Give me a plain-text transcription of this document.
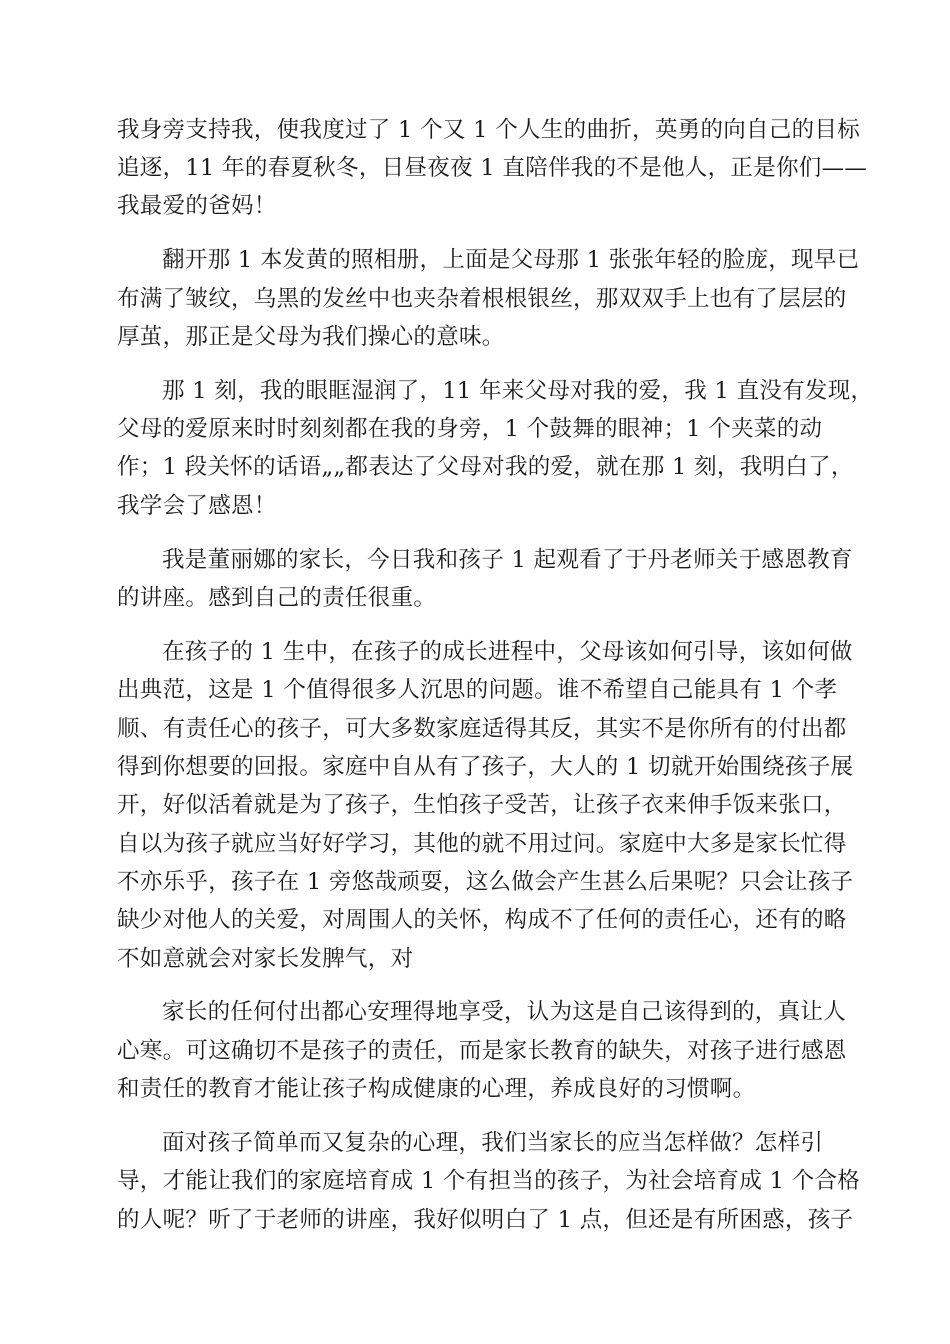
我身旁支持我，使我度过了 1 个又 1 个人生的曲折，英勇的向自己的目标
追逐，11 年的春夏秋冬，日昼夜夜 1 直陪伴我的不是他人，正是你们——
我最爱的爸妈！
翻开那 1 本发黄的照相册，上面是父母那 1 张张年轻的脸庞，现早已
布满了皱纹，乌黑的发丝中也夹杂着根根银丝，那双双手上也有了层层的
厚茧，那正是父母为我们操心的意味。
那 1 刻，我的眼眶湿润了，11 年来父母对我的爱，我 1 直没有发现，
父母的爱原来时时刻刻都在我的身旁，1 个鼓舞的眼神；1 个夹菜的动
作；1 段关怀的话语„„都表达了父母对我的爱，就在那 1 刻，我明白了，
我学会了感恩！
我是董丽娜的家长，今日我和孩子 1 起观看了于丹老师关于感恩教育
的讲座。感到自己的责任很重。
在孩子的 1 生中，在孩子的成长进程中，父母该如何引导，该如何做
出典范，这是 1 个值得很多人沉思的问题。谁不希望自己能具有 1 个孝
顺、有责任心的孩子，可大多数家庭适得其反，其实不是你所有的付出都
得到你想要的回报。家庭中自从有了孩子，大人的 1 切就开始围绕孩子展
开，好似活着就是为了孩子，生怕孩子受苦，让孩子衣来伸手饭来张口，
自以为孩子就应当好好学习，其他的就不用过问。家庭中大多是家长忙得
不亦乐乎，孩子在 1 旁悠哉顽耍，这么做会产生甚么后果呢？只会让孩子
缺少对他人的关爱，对周围人的关怀，构成不了任何的责任心，还有的略
不如意就会对家长发脾气，对
家长的任何付出都心安理得地享受，认为这是自己该得到的，真让人
心寒。可这确切不是孩子的责任，而是家长教育的缺失，对孩子进行感恩
和责任的教育才能让孩子构成健康的心理，养成良好的习惯啊。
面对孩子简单而又复杂的心理，我们当家长的应当怎样做？怎样引
导，才能让我们的家庭培育成 1 个有担当的孩子，为社会培育成 1 个合格
的人呢？听了于老师的讲座，我好似明白了 1 点，但还是有所困惑，孩子
